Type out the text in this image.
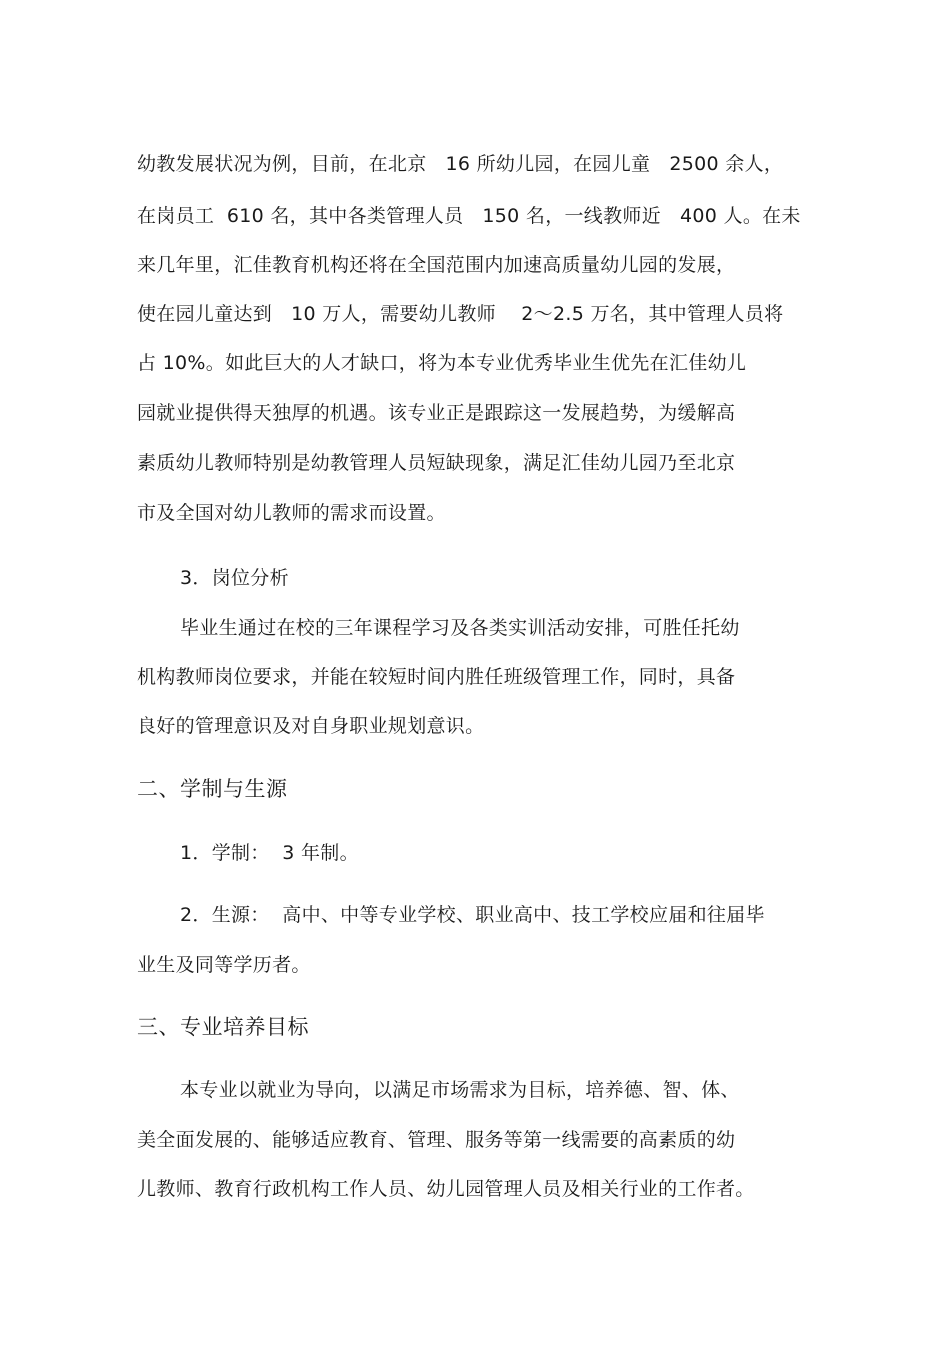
幼教发展状况为例，目前，在北京   16 所幼儿园，在园儿童   2500 余人，
在岗员工  610 名，其中各类管理人员   150 名，一线教师近   400 人。在未
来几年里，汇佳教育机构还将在全国范围内加速高质量幼儿园的发展，
使在园儿童达到   10 万人，需要幼儿教师    2～2.5 万名，其中管理人员将
占 10%。如此巨大的人才缺口，将为本专业优秀毕业生优先在汇佳幼儿
园就业提供得天独厚的机遇。该专业正是跟踪这一发展趋势，为缓解高
素质幼儿教师特别是幼教管理人员短缺现象，满足汇佳幼儿园乃至北京
市及全国对幼儿教师的需求而设置。
3．岗位分析
毕业生通过在校的三年课程学习及各类实训活动安排，可胜任托幼
机构教师岗位要求，并能在较短时间内胜任班级管理工作，同时，具备
良好的管理意识及对自身职业规划意识。
二、学制与生源
1．学制：  3 年制。
2．生源：  高中、中等专业学校、职业高中、技工学校应届和往届毕
业生及同等学历者。
三、专业培养目标
本专业以就业为导向，以满足市场需求为目标，培养德、智、体、
美全面发展的、能够适应教育、管理、服务等第一线需要的高素质的幼
儿教师、教育行政机构工作人员、幼儿园管理人员及相关行业的工作者。
